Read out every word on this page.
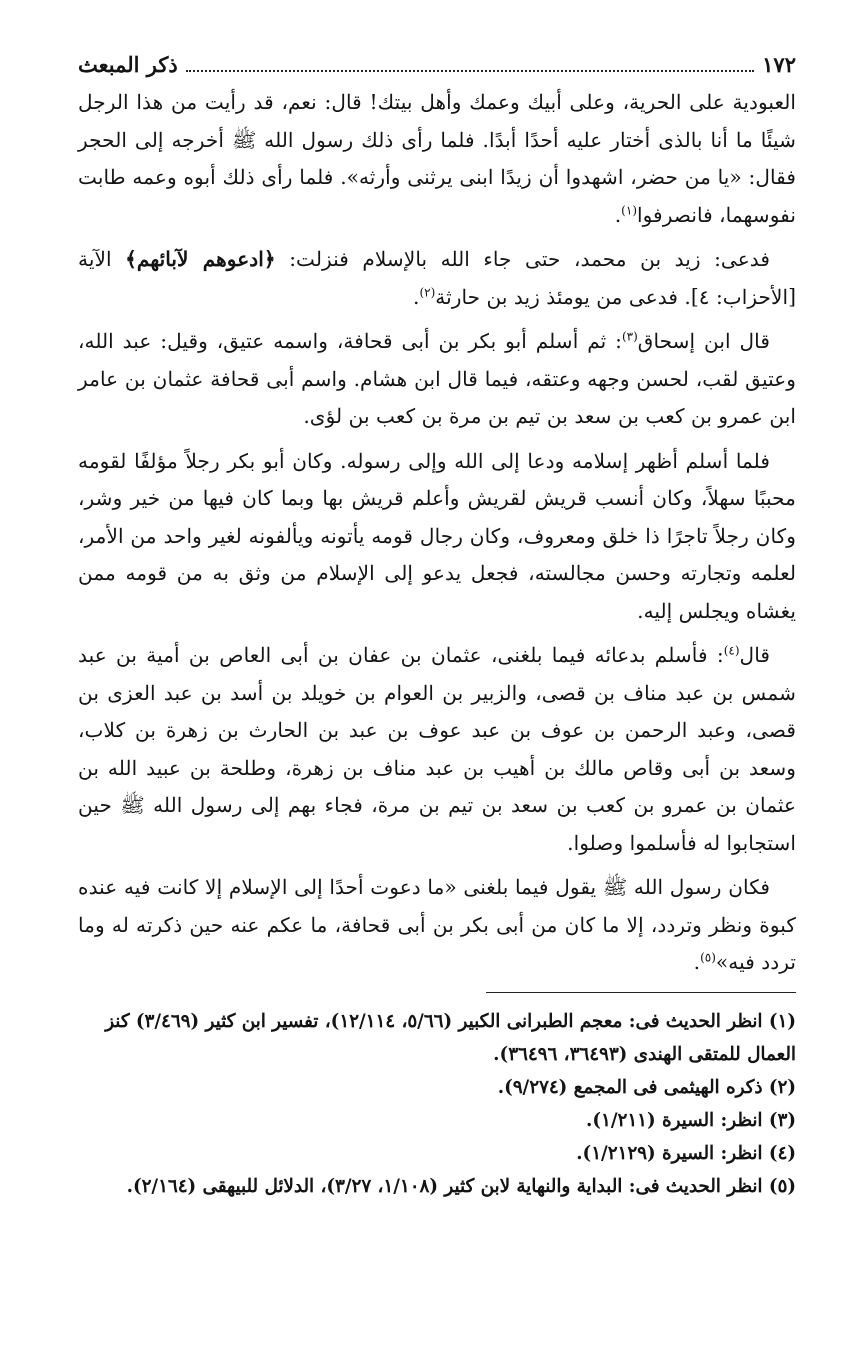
١٧٢
ذكر المبعث

العبودية على الحرية، وعلى أبيك وعمك وأهل بيتك! قال: نعم، قد رأيت من هذا الرجل شيئًا ما أنا بالذى أختار عليه أحدًا أبدًا. فلما رأى ذلك رسول الله ﷺ أخرجه إلى الحجر فقال: «يا من حضر، اشهدوا أن زيدًا ابنى يرثنى وأرثه». فلما رأى ذلك أبوه وعمه طابت نفوسهما، فانصرفوا$^{(١)}$.

فدعى: زيد بن محمد، حتى جاء الله بالإسلام فنزلت: ﴿ادعوهم لآبائهم﴾ الآية [الأحزاب: ٤]. فدعى من يومئذ زيد بن حارثة$^{(٢)}$.

قال ابن إسحاق$^{(٣)}$: ثم أسلم أبو بكر بن أبى قحافة، واسمه عتيق، وقيل: عبد الله، وعتيق لقب، لحسن وجهه وعتقه، فيما قال ابن هشام. واسم أبى قحافة عثمان بن عامر ابن عمرو بن كعب بن سعد بن تيم بن مرة بن كعب بن لؤى.

فلما أسلم أظهر إسلامه ودعا إلى الله وإلى رسوله. وكان أبو بكر رجلاً مؤلفًا لقومه محببًا سهلاً، وكان أنسب قريش لقريش وأعلم قريش بها وبما كان فيها من خير وشر، وكان رجلاً تاجرًا ذا خلق ومعروف، وكان رجال قومه يأتونه ويألفونه لغير واحد من الأمر، لعلمه وتجارته وحسن مجالسته، فجعل يدعو إلى الإسلام من وثق به من قومه ممن يغشاه ويجلس إليه.

قال$^{(٤)}$: فأسلم بدعائه فيما بلغنى، عثمان بن عفان بن أبى العاص بن أمية بن عبد شمس بن عبد مناف بن قصى، والزبير بن العوام بن خويلد بن أسد بن عبد العزى بن قصى، وعبد الرحمن بن عوف بن عبد عوف بن عبد بن الحارث بن زهرة بن كلاب، وسعد بن أبى وقاص مالك بن أهيب بن عبد مناف بن زهرة، وطلحة بن عبيد الله بن عثمان بن عمرو بن كعب بن سعد بن تيم بن مرة، فجاء بهم إلى رسول الله ﷺ حين استجابوا له فأسلموا وصلوا.

فكان رسول الله ﷺ يقول فيما بلغنى «ما دعوت أحدًا إلى الإسلام إلا كانت فيه عنده كبوة ونظر وتردد، إلا ما كان من أبى بكر بن أبى قحافة، ما عكم عنه حين ذكرته له وما تردد فيه»$^{(٥)}$.

(١) انظر الحديث فى: معجم الطبرانى الكبير (٥/٦٦، ١٢/١١٤)، تفسير ابن كثير (٣/٤٦٩) كنز العمال للمتقى الهندى (٣٦٤٩٣، ٣٦٤٩٦).

(٢) ذكره الهيثمى فى المجمع (٩/٢٧٤).

(٣) انظر: السيرة (١/٢١١).

(٤) انظر: السيرة (١/٢١٢٩).

(٥) انظر الحديث فى: البداية والنهاية لابن كثير (١/١٠٨، ٣/٢٧)، الدلائل للبيهقى (٢/١٦٤).
